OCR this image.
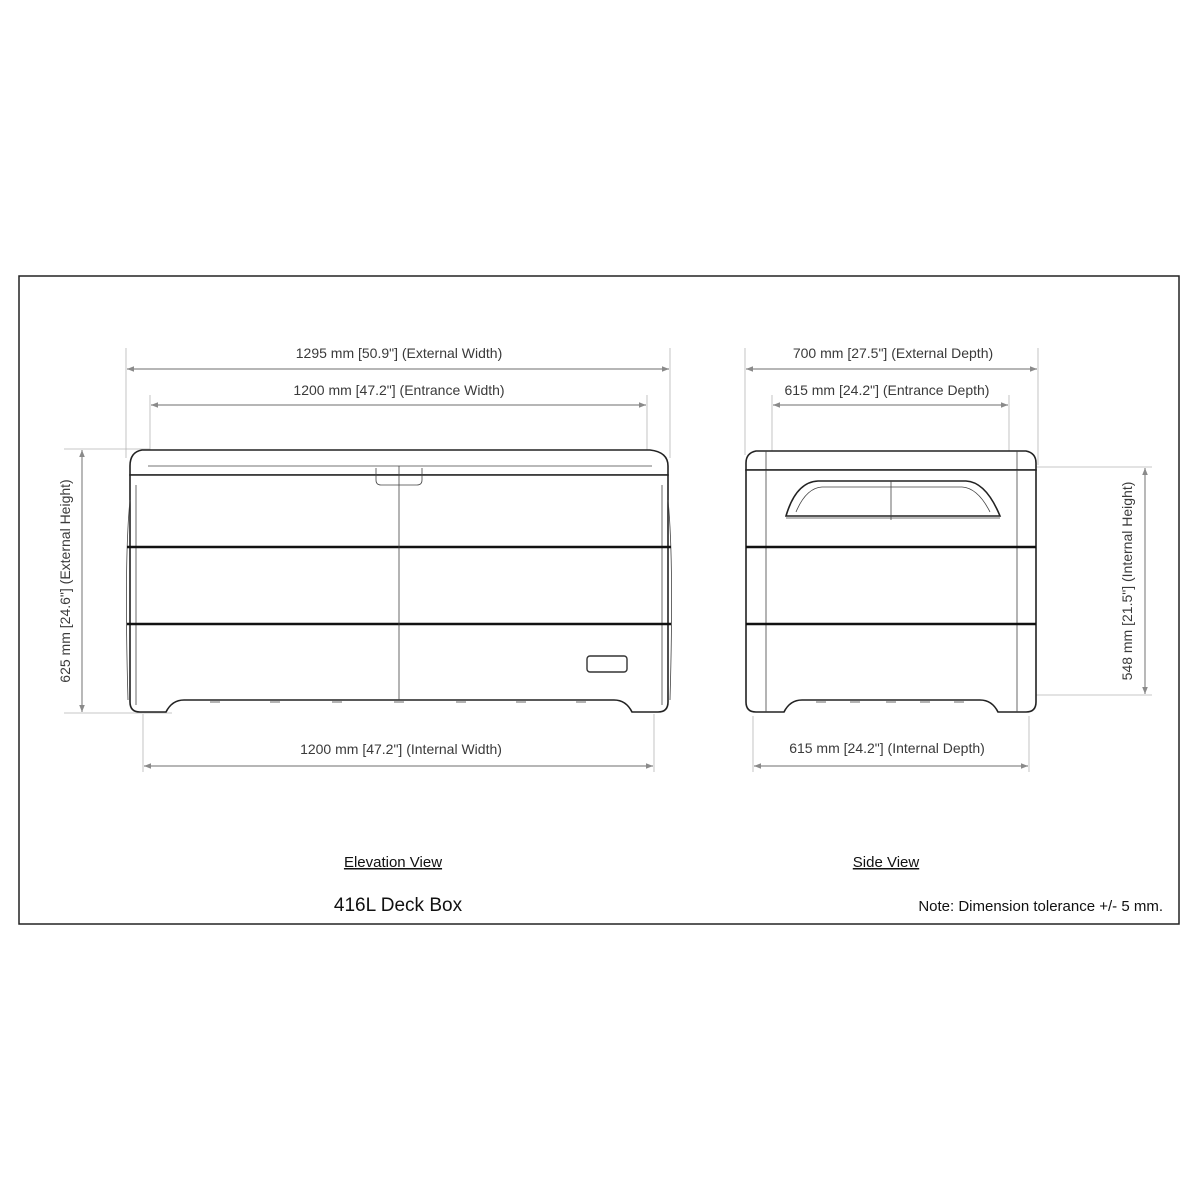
1295 mm [50.9"] (External Width)
1200 mm [47.2"] (Entrance Width)
1200 mm [47.2"] (Internal Width)
625 mm [24.6"] (External Height)
Elevation View
700 mm [27.5"] (External Depth)
615 mm [24.2"] (Entrance Depth)
615 mm [24.2"] (Internal Depth)
548 mm [21.5"] (Internal Height)
Side View
416L Deck Box	Note: Dimension tolerance +/- 5 mm.
